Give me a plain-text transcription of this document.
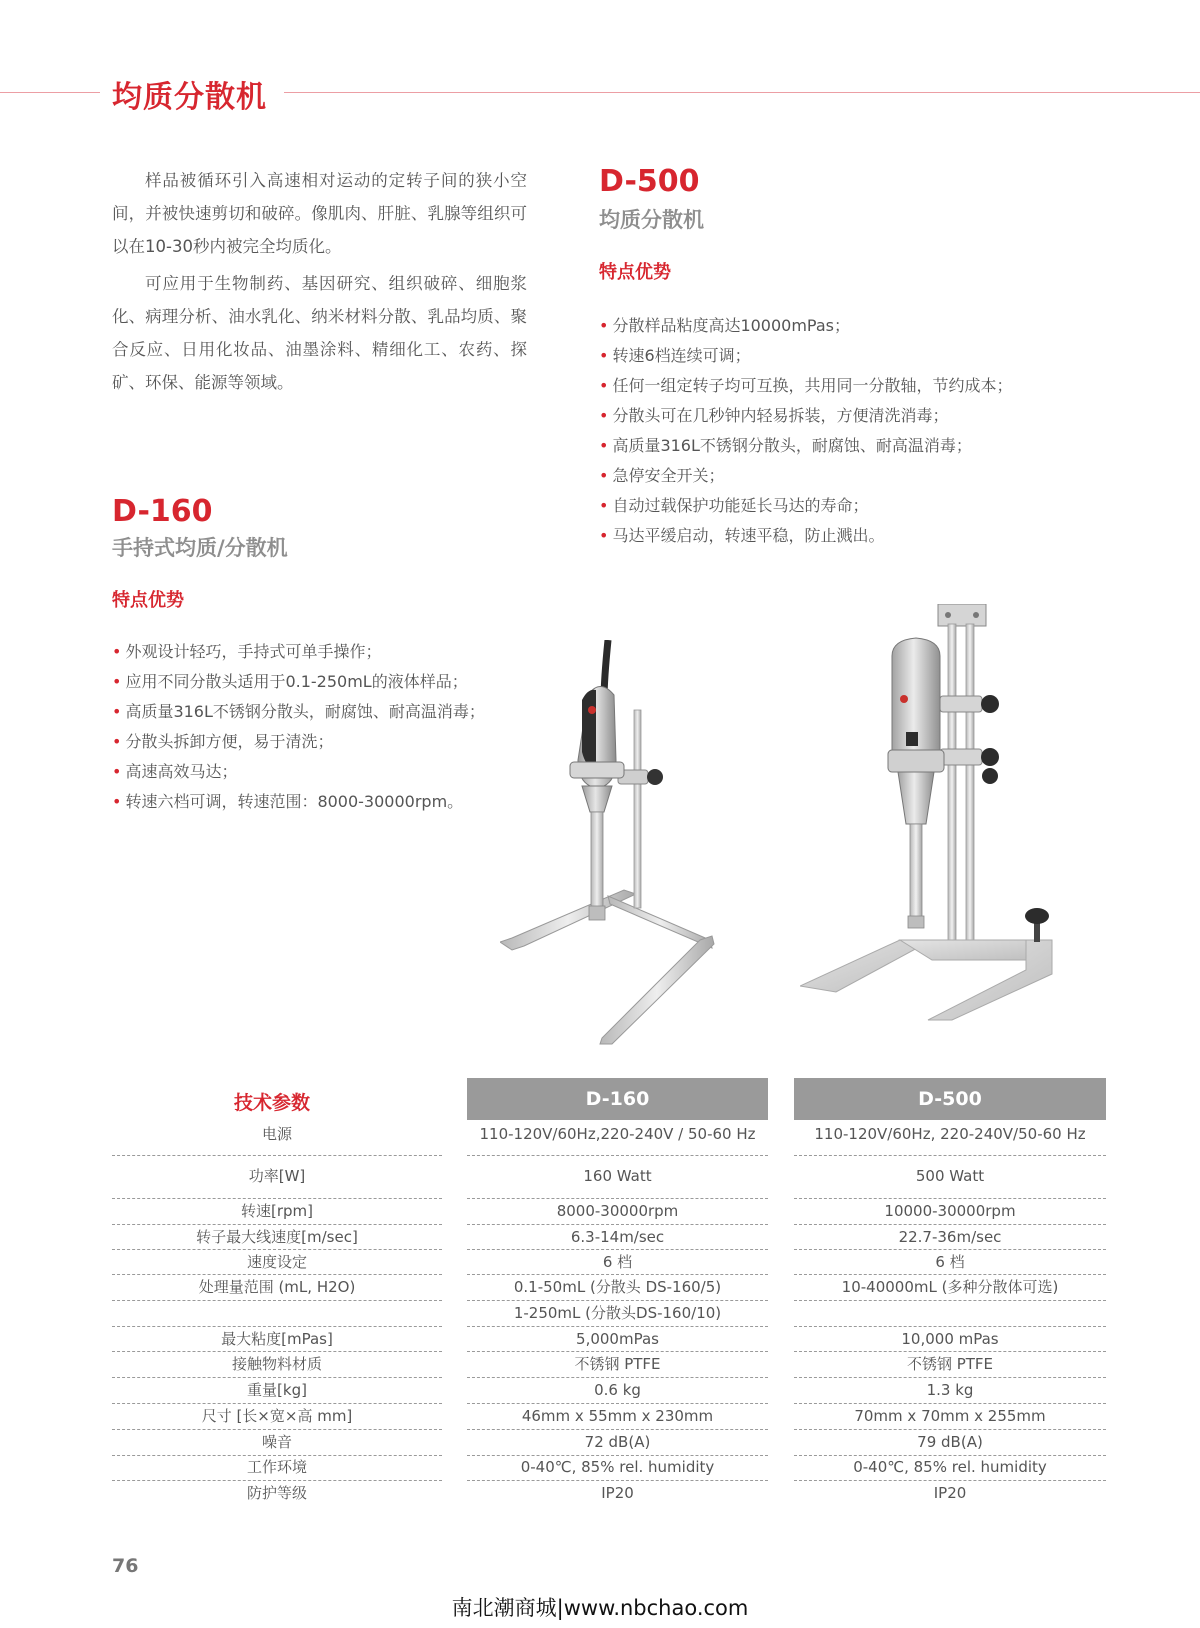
均质分散机

样品被循环引入高速相对运动的定转子间的狭小空间，并被快速剪切和破碎。像肌肉、肝脏、乳腺等组织可以在10-30秒内被完全均质化。

可应用于生物制药、基因研究、组织破碎、细胞浆化、病理分析、油水乳化、纳米材料分散、乳品均质、聚合反应、日用化妆品、油墨涂料、精细化工、农药、探矿、环保、能源等领域。

D-500
均质分散机
特点优势
• 分散样品粘度高达10000mPas；
• 转速6档连续可调；
• 任何一组定转子均可互换，共用同一分散轴，节约成本；
• 分散头可在几秒钟内轻易拆装，方便清洗消毒；
• 高质量316L不锈钢分散头，耐腐蚀、耐高温消毒；
• 急停安全开关；
• 自动过载保护功能延长马达的寿命；
• 马达平缓启动，转速平稳，防止溅出。
D-160
手持式均质/分散机
特点优势
• 外观设计轻巧，手持式可单手操作；
• 应用不同分散头适用于0.1-250mL的液体样品；
• 高质量316L不锈钢分散头，耐腐蚀、耐高温消毒；
• 分散头拆卸方便，易于清洗；
• 高速高效马达；
• 转速六档可调，转速范围：8000-30000rpm。
技术参数	D-160	D-500
电源	110-120V/60Hz,220-240V / 50-60 Hz	110-120V/60Hz, 220-240V/50-60 Hz
功率[W]	160 Watt	500 Watt
转速[rpm]	8000-30000rpm	10000-30000rpm
转子最大线速度[m/sec]	6.3-14m/sec	22.7-36m/sec
速度设定	6 档	6 档
处理量范围 (mL, H2O)	0.1-50mL (分散头 DS-160/5)	10-40000mL (多种分散体可选)
1-250mL (分散头DS-160/10)
最大粘度[mPas]	5,000mPas	10,000 mPas
接触物料材质	不锈钢 PTFE	不锈钢 PTFE
重量[kg]	0.6 kg	1.3 kg
尺寸 [长×宽×高 mm]	46mm x 55mm x 230mm	70mm x 70mm x 255mm
噪音	72 dB(A)	79 dB(A)
工作环境	0-40℃, 85% rel. humidity	0-40℃, 85% rel. humidity
防护等级	IP20	IP20
76
南北潮商城|www.nbchao.com
